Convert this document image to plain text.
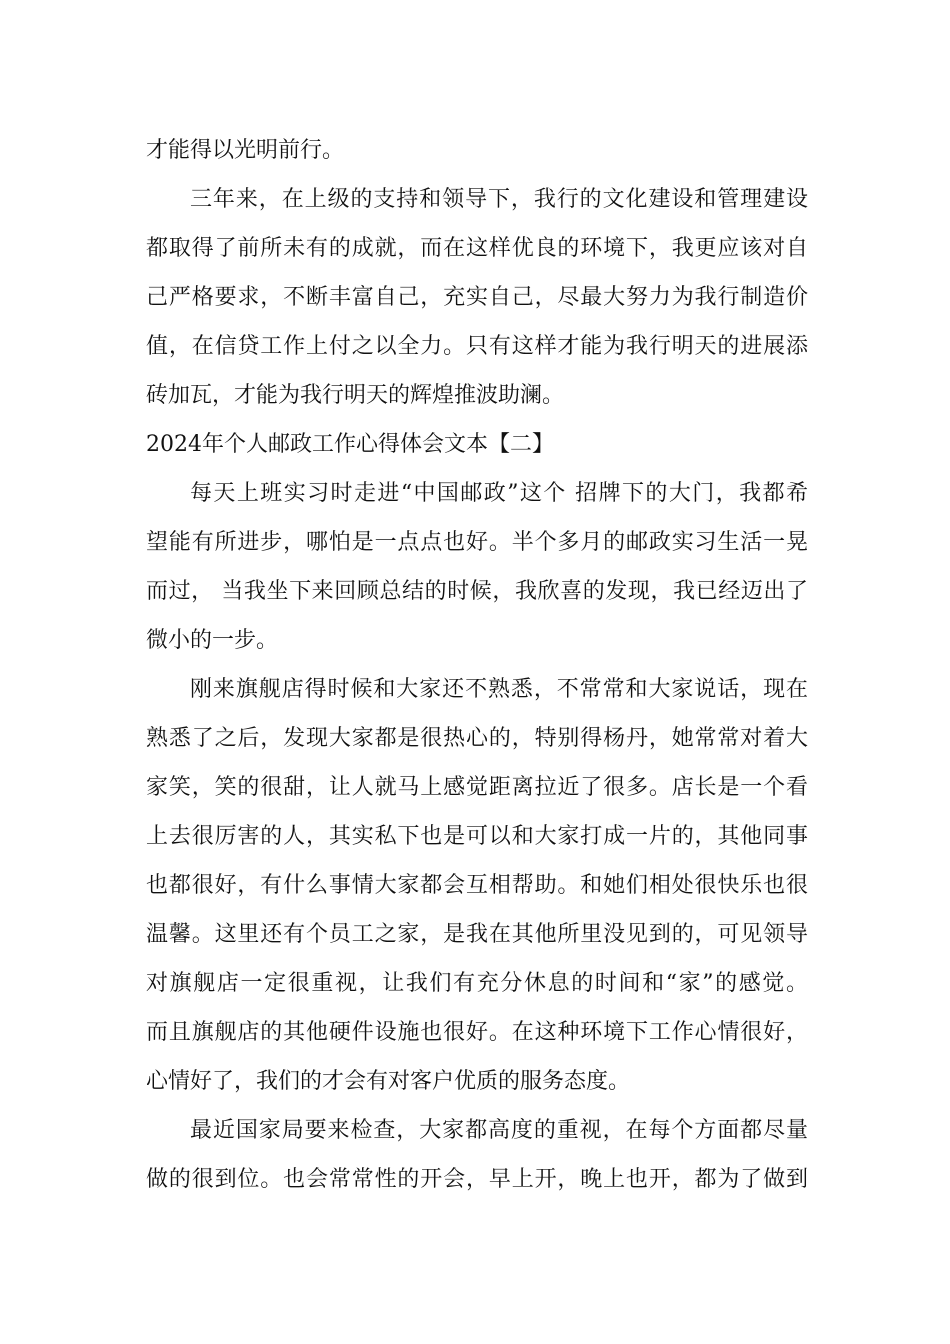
才能得以光明前行。
三年来，在上级的支持和领导下，我行的文化建设和管理建设
都取得了前所未有的成就，而在这样优良的环境下，我更应该对自
己严格要求，不断丰富自己，充实自己，尽最大努力为我行制造价
值，在信贷工作上付之以全力。只有这样才能为我行明天的进展添
砖加瓦，才能为我行明天的辉煌推波助澜。
2024年个人邮政工作心得体会文本【二】
每天上班实习时走进“中国邮政”这个 招牌下的大门，我都希
望能有所进步，哪怕是一点点也好。半个多月的邮政实习生活一晃
而过， 当我坐下来回顾总结的时候，我欣喜的发现，我已经迈出了
微小的一步。
刚来旗舰店得时候和大家还不熟悉，不常常和大家说话，现在
熟悉了之后，发现大家都是很热心的，特别得杨丹，她常常对着大
家笑，笑的很甜，让人就马上感觉距离拉近了很多。店长是一个看
上去很厉害的人，其实私下也是可以和大家打成一片的，其他同事
也都很好，有什么事情大家都会互相帮助。和她们相处很快乐也很
温馨。这里还有个员工之家，是我在其他所里没见到的，可见领导
对旗舰店一定很重视，让我们有充分休息的时间和“家”的感觉。
而且旗舰店的其他硬件设施也很好。在这种环境下工作心情很好，
心情好了，我们的才会有对客户优质的服务态度。
最近国家局要来检查，大家都高度的重视，在每个方面都尽量
做的很到位。也会常常性的开会，早上开，晚上也开，都为了做到
